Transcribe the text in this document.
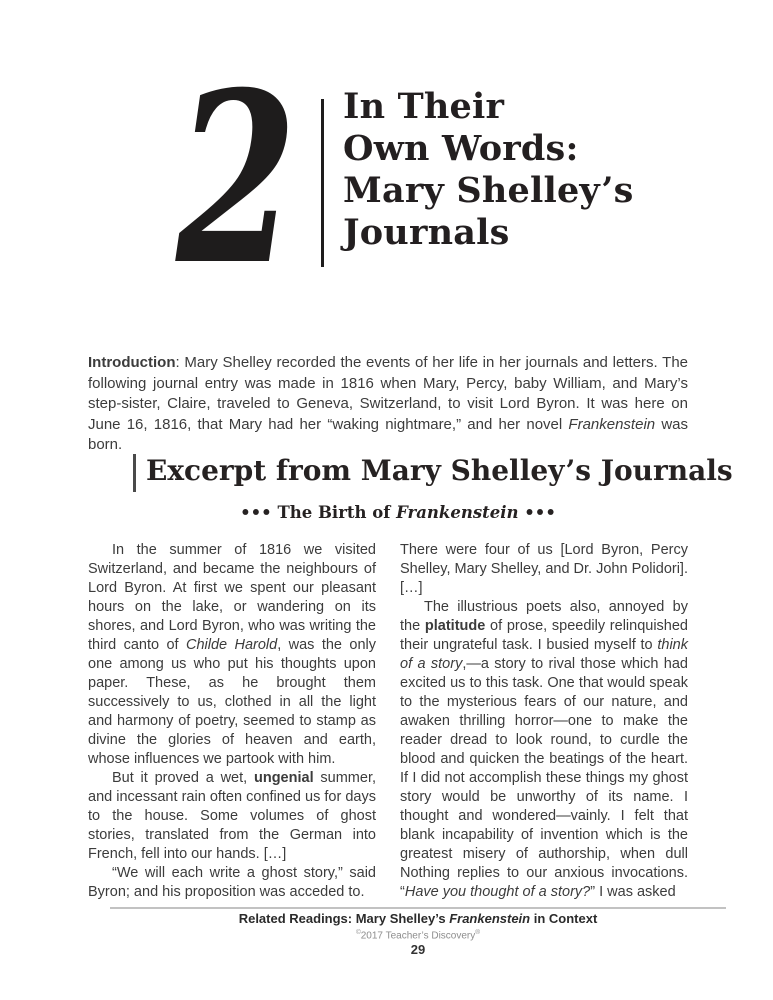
2 In Their
Own Words:
Mary Shelley’s
Journals

Introduction: Mary Shelley recorded the events of her life in her journals and letters. The following journal entry was made in 1816 when Mary, Percy, baby William, and Mary’s step-sister, Claire, traveled to Geneva, Switzerland, to visit Lord Byron. It was here on June 16, 1816, that Mary had her “waking nightmare,” and her novel Frankenstein was born.

Excerpt from Mary Shelley’s Journals
••• The Birth of Frankenstein •••

In the summer of 1816 we visited Switzerland, and became the neighbours of Lord Byron. At first we spent our pleasant hours on the lake, or wandering on its shores, and Lord Byron, who was writing the third canto of Childe Harold, was the only one among us who put his thoughts upon paper. These, as he brought them successively to us, clothed in all the light and harmony of poetry, seemed to stamp as divine the glories of heaven and earth, whose influences we partook with him.

But it proved a wet, ungenial summer, and incessant rain often confined us for days to the house. Some volumes of ghost stories, translated from the German into French, fell into our hands. […]

“We will each write a ghost story,” said Byron; and his proposition was acceded to.

There were four of us [Lord Byron, Percy Shelley, Mary Shelley, and Dr. John Polidori]. […]

The illustrious poets also, annoyed by the platitude of prose, speedily relinquished their ungrateful task. I busied myself to think of a story,—a story to rival those which had excited us to this task. One that would speak to the mysterious fears of our nature, and awaken thrilling horror—one to make the reader dread to look round, to curdle the blood and quicken the beatings of the heart. If I did not accomplish these things my ghost story would be unworthy of its name. I thought and wondered—vainly. I felt that blank incapability of invention which is the greatest misery of authorship, when dull Nothing replies to our anxious invocations. “Have you thought of a story?” I was asked

Related Readings: Mary Shelley’s Frankenstein in Context

©2017 Teacher’s Discovery®

29
